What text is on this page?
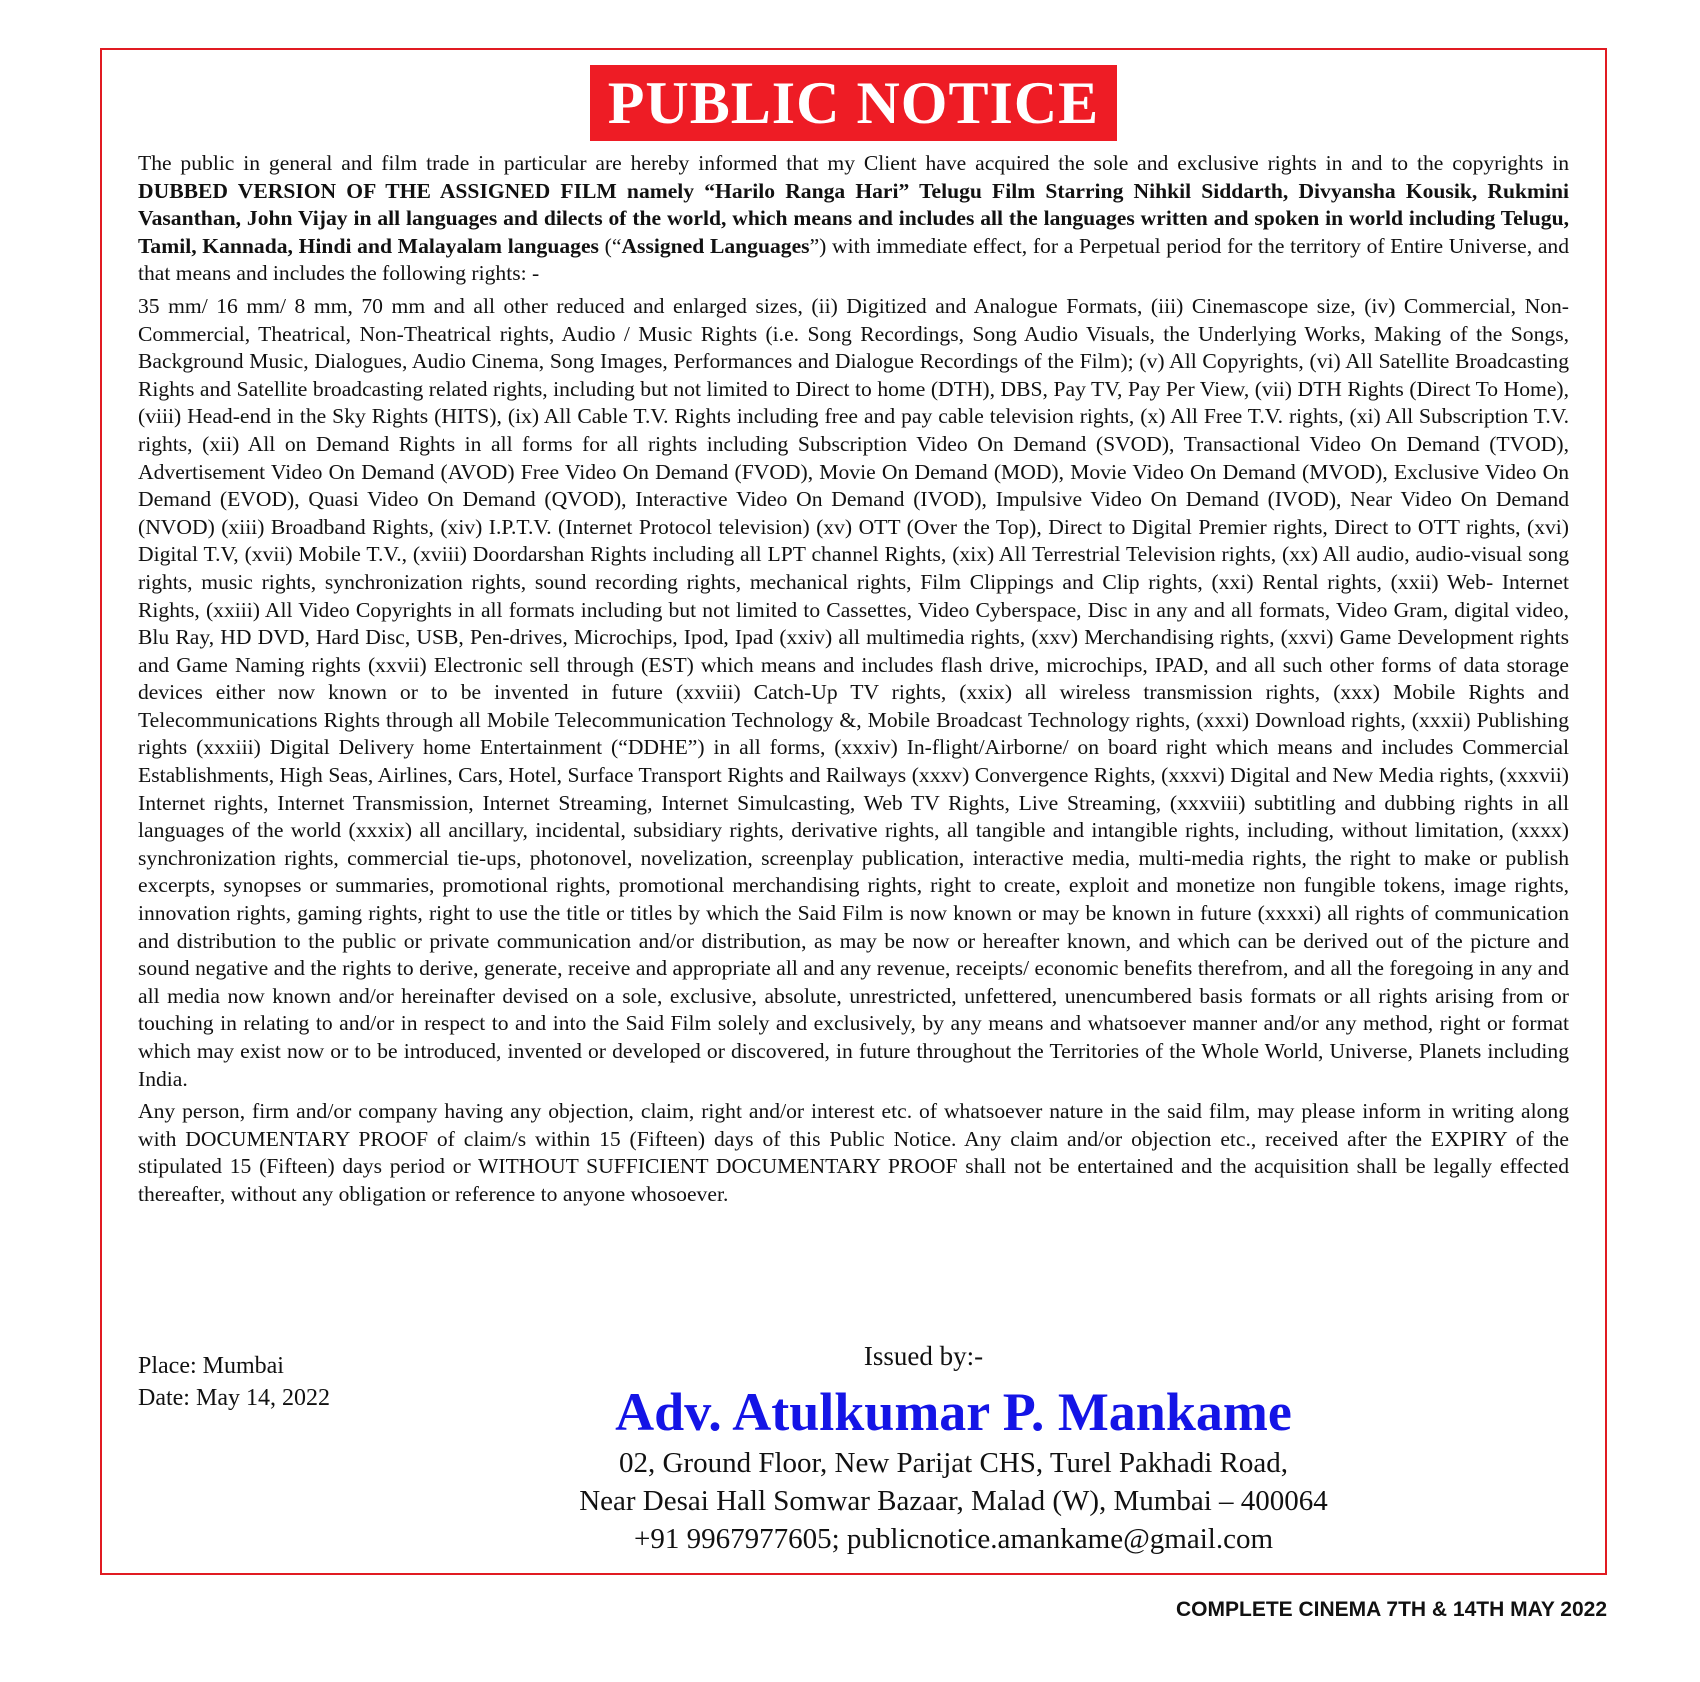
PUBLIC NOTICE

The public in general and film trade in particular are hereby informed that my Client have acquired the sole and exclusive rights in and to the copyrights in DUBBED VERSION OF THE ASSIGNED FILM namely “Harilo Ranga Hari” Telugu Film Starring Nihkil Siddarth, Divyansha Kousik, Rukmini Vasanthan, John Vijay in all languages and dilects of the world, which means and includes all the languages written and spoken in world including Telugu, Tamil, Kannada, Hindi and Malayalam languages (“Assigned Languages”) with immediate effect, for a Perpetual period for the territory of Entire Universe, and that means and includes the following rights: -

35 mm/ 16 mm/ 8 mm, 70 mm and all other reduced and enlarged sizes, (ii) Digitized and Analogue Formats, (iii) Cinemascope size, (iv) Commercial, Non-Commercial, Theatrical, Non-Theatrical rights, Audio / Music Rights (i.e. Song Recordings, Song Audio Visuals, the Underlying Works, Making of the Songs, Background Music, Dialogues, Audio Cinema, Song Images, Performances and Dialogue Recordings of the Film); (v) All Copyrights, (vi) All Satellite Broadcasting Rights and Satellite broadcasting related rights, including but not limited to Direct to home (DTH), DBS, Pay TV, Pay Per View, (vii) DTH Rights (Direct To Home), (viii) Head-end in the Sky Rights (HITS), (ix) All Cable T.V. Rights including free and pay cable television rights, (x) All Free T.V. rights, (xi) All Subscription T.V. rights, (xii) All on Demand Rights in all forms for all rights including Subscription Video On Demand (SVOD), Transactional Video On Demand (TVOD), Advertisement Video On Demand (AVOD) Free Video On Demand (FVOD), Movie On Demand (MOD), Movie Video On Demand (MVOD), Exclusive Video On Demand (EVOD), Quasi Video On Demand (QVOD), Interactive Video On Demand (IVOD), Impulsive Video On Demand (IVOD), Near Video On Demand (NVOD) (xiii) Broadband Rights, (xiv) I.P.T.V. (Internet Protocol television) (xv) OTT (Over the Top), Direct to Digital Premier rights, Direct to OTT rights, (xvi) Digital T.V, (xvii) Mobile T.V., (xviii) Doordarshan Rights including all LPT channel Rights, (xix) All Terrestrial Television rights, (xx) All audio, audio-visual song rights, music rights, synchronization rights, sound recording rights, mechanical rights, Film Clippings and Clip rights, (xxi) Rental rights, (xxii) Web- Internet Rights, (xxiii) All Video Copyrights in all formats including but not limited to Cassettes, Video Cyberspace, Disc in any and all formats, Video Gram, digital video, Blu Ray, HD DVD, Hard Disc, USB, Pen-drives, Microchips, Ipod, Ipad (xxiv) all multimedia rights, (xxv) Merchandising rights, (xxvi) Game Development rights and Game Naming rights (xxvii) Electronic sell through (EST) which means and includes flash drive, microchips, IPAD, and all such other forms of data storage devices either now known or to be invented in future (xxviii) Catch-Up TV rights, (xxix) all wireless transmission rights, (xxx) Mobile Rights and Telecommunications Rights through all Mobile Telecommunication Technology &, Mobile Broadcast Technology rights, (xxxi) Download rights, (xxxii) Publishing rights (xxxiii) Digital Delivery home Entertainment (“DDHE”) in all forms, (xxxiv) In-flight/Airborne/ on board right which means and includes Commercial Establishments, High Seas, Airlines, Cars, Hotel, Surface Transport Rights and Railways (xxxv) Convergence Rights, (xxxvi) Digital and New Media rights, (xxxvii) Internet rights, Internet Transmission, Internet Streaming, Internet Simulcasting, Web TV Rights, Live Streaming, (xxxviii) subtitling and dubbing rights in all languages of the world (xxxix) all ancillary, incidental, subsidiary rights, derivative rights, all tangible and intangible rights, including, without limitation, (xxxx) synchronization rights, commercial tie-ups, photonovel, novelization, screenplay publication, interactive media, multi-media rights, the right to make or publish excerpts, synopses or summaries, promotional rights, promotional merchandising rights, right to create, exploit and monetize non fungible tokens, image rights, innovation rights, gaming rights, right to use the title or titles by which the Said Film is now known or may be known in future (xxxxi) all rights of communication and distribution to the public or private communication and/or distribution, as may be now or hereafter known, and which can be derived out of the picture and sound negative and the rights to derive, generate, receive and appropriate all and any revenue, receipts/ economic benefits therefrom, and all the foregoing in any and all media now known and/or hereinafter devised on a sole, exclusive, absolute, unrestricted, unfettered, unencumbered basis formats or all rights arising from or touching in relating to and/or in respect to and into the Said Film solely and exclusively, by any means and whatsoever manner and/or any method, right or format which may exist now or to be introduced, invented or developed or discovered, in future throughout the Territories of the Whole World, Universe, Planets including India.

Any person, firm and/or company having any objection, claim, right and/or interest etc. of whatsoever nature in the said film, may please inform in writing along with DOCUMENTARY PROOF of claim/s within 15 (Fifteen) days of this Public Notice. Any claim and/or objection etc., received after the EXPIRY of the stipulated 15 (Fifteen) days period or WITHOUT SUFFICIENT DOCUMENTARY PROOF shall not be entertained and the acquisition shall be legally effected thereafter, without any obligation or reference to anyone whosoever.

Place: Mumbai
Date: May 14, 2022
Issued by:-
Adv. Atulkumar P. Mankame
02, Ground Floor, New Parijat CHS, Turel Pakhadi Road,
Near Desai Hall Somwar Bazaar, Malad (W), Mumbai – 400064
+91 9967977605; publicnotice.amankame@gmail.com
COMPLETE CINEMA 7TH & 14TH MAY 2022
